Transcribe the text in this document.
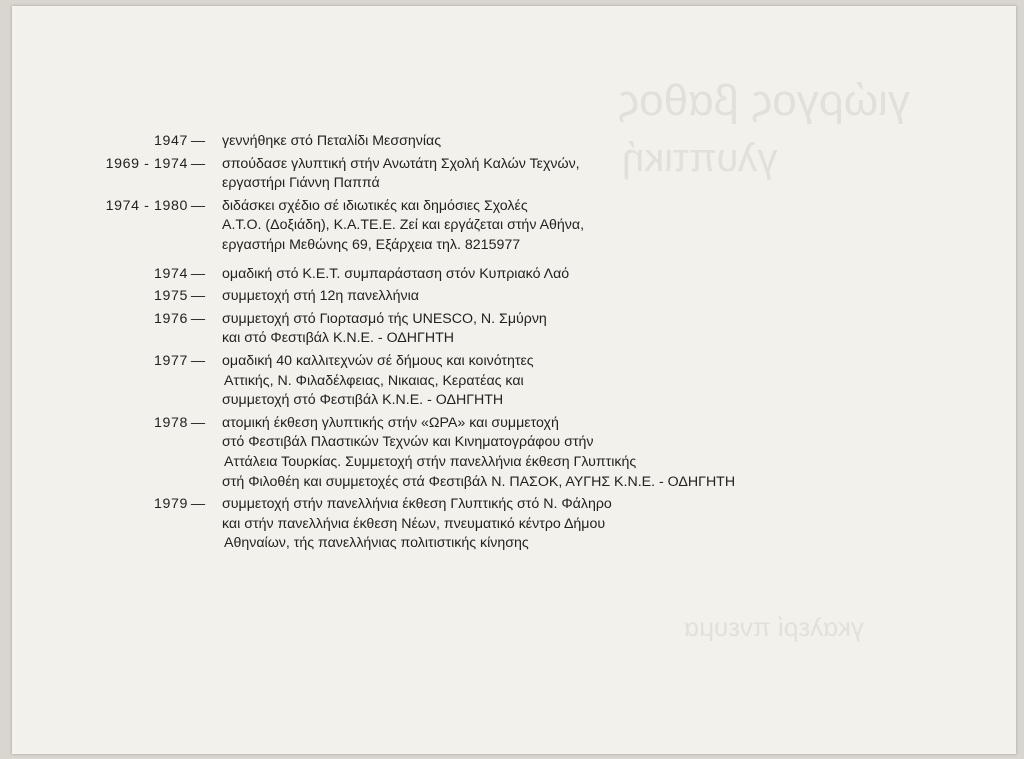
γιώργος βαθος
γλυπτική
γκαλερί πνευμα
1947 — γεννήθηκε στό Πεταλίδι Μεσσηνίας
1969 - 1974 — σπούδασε γλυπτική στήν Ανωτάτη Σχολή Καλών Τεχνών,
εργαστήρι Γιάννη Παππά
1974 - 1980 — διδάσκει σχέδιο σέ ιδιωτικές και δημόσιες Σχολές
Α.Τ.Ο. (Δοξιάδη), Κ.Α.ΤΕ.Ε. Ζεί και εργάζεται στήν Αθήνα,
εργαστήρι Μεθώνης 69, Εξάρχεια τηλ. 8215977
1974 — ομαδική στό Κ.Ε.Τ. συμπαράσταση στόν Κυπριακό Λαό
1975 — συμμετοχή στή 12η πανελλήνια
1976 — συμμετοχή στό Γιορτασμό τής UNESCO, Ν. Σμύρνη
και στό Φεστιβάλ Κ.Ν.Ε. - ΟΔΗΓΗΤΗ
1977 — ομαδική 40 καλλιτεχνών σέ δήμους και κοινότητες
Αττικής, Ν. Φιλαδέλφειας, Νικαιας, Κερατέας και
συμμετοχή στό Φεστιβάλ Κ.Ν.Ε. - ΟΔΗΓΗΤΗ
1978 — ατομική έκθεση γλυπτικής στήν «ΩΡΑ» και συμμετοχή
στό Φεστιβάλ Πλαστικών Τεχνών και Κινηματογράφου στήν
Αττάλεια Τουρκίας. Συμμετοχή στήν πανελλήνια έκθεση Γλυπτικής
στή Φιλοθέη και συμμετοχές στά Φεστιβάλ Ν. ΠΑΣΟΚ, ΑΥΓΗΣ Κ.Ν.Ε. - ΟΔΗΓΗΤΗ
1979 — συμμετοχή στήν πανελλήνια έκθεση Γλυπτικής στό Ν. Φάληρο
και στήν πανελλήνια έκθεση Νέων, πνευματικό κέντρο Δήμου
Αθηναίων, τής πανελλήνιας πολιτιστικής κίνησης
